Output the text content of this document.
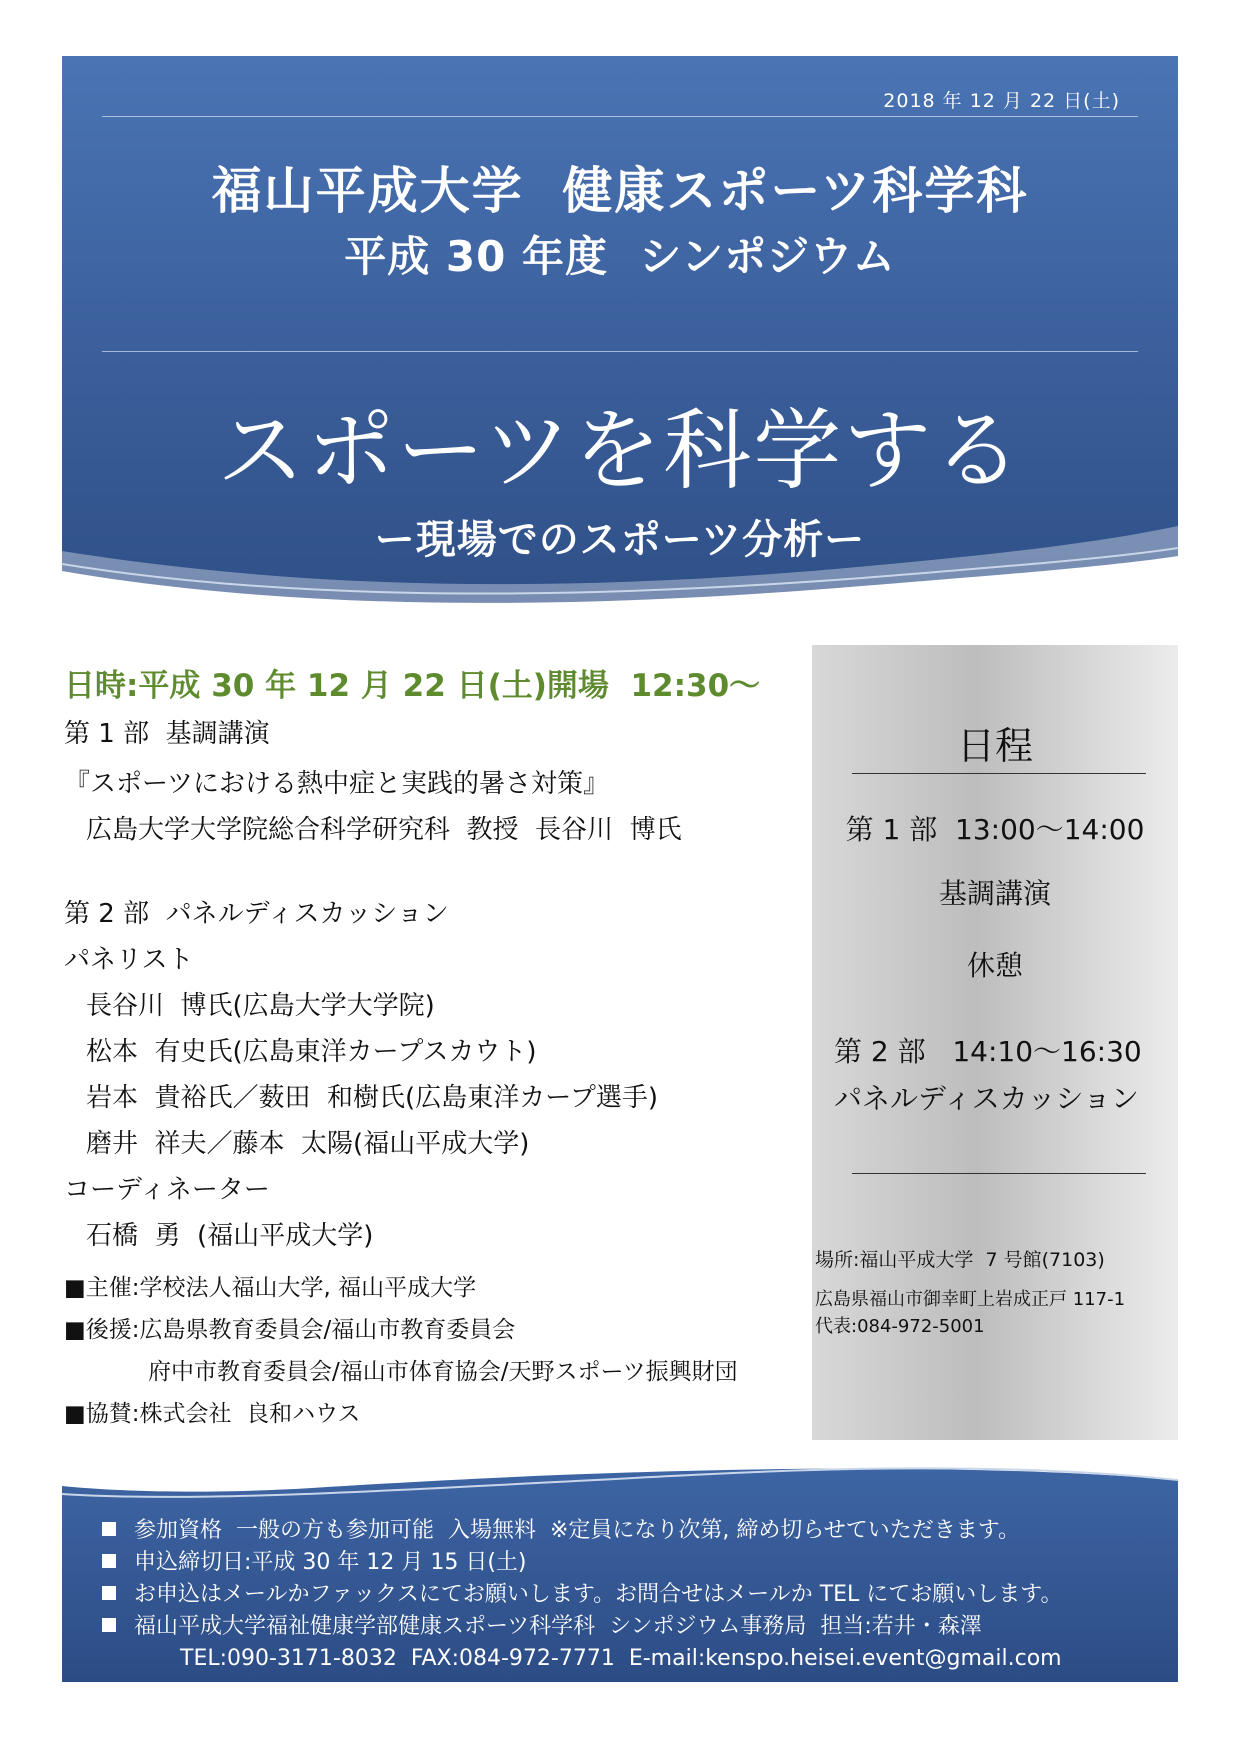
2018 年 12 月 22 日(土)
福山平成大学  健康スポーツ科学科
平成 30 年度  シンポジウム
スポーツを科学する
ー現場でのスポーツ分析ー
日時:平成 30 年 12 月 22 日(土)開場  12:30～
第 1 部  基調講演
『スポーツにおける熱中症と実践的暑さ対策』
広島大学大学院総合科学研究科  教授  長谷川  博氏
第 2 部  パネルディスカッション
パネリスト
長谷川  博氏(広島大学大学院)
松本  有史氏(広島東洋カープスカウト)
岩本  貴裕氏／薮田  和樹氏(広島東洋カープ選手)
磨井  祥夫／藤本  太陽(福山平成大学)
コーディネーター
石橋  勇  (福山平成大学)
■主催:学校法人福山大学, 福山平成大学
■後援:広島県教育委員会/福山市教育委員会
府中市教育委員会/福山市体育協会/天野スポーツ振興財団
■協賛:株式会社  良和ハウス
日程
第 1 部  13:00～14:00
基調講演
休憩
第 2 部   14:10～16:30
パネルディスカッション
場所:福山平成大学  7 号館(7103)
広島県福山市御幸町上岩成正戸 117-1
代表:084-972-5001
参加資格  一般の方も参加可能  入場無料  ※定員になり次第, 締め切らせていただきます。
申込締切日:平成 30 年 12 月 15 日(土)
お申込はメールかファックスにてお願いします。お問合せはメールか TEL にてお願いします。
福山平成大学福祉健康学部健康スポーツ科学科  シンポジウム事務局  担当:若井・森澤
TEL:090-3171-8032  FAX:084-972-7771  E-mail:kenspo.heisei.event@gmail.com
